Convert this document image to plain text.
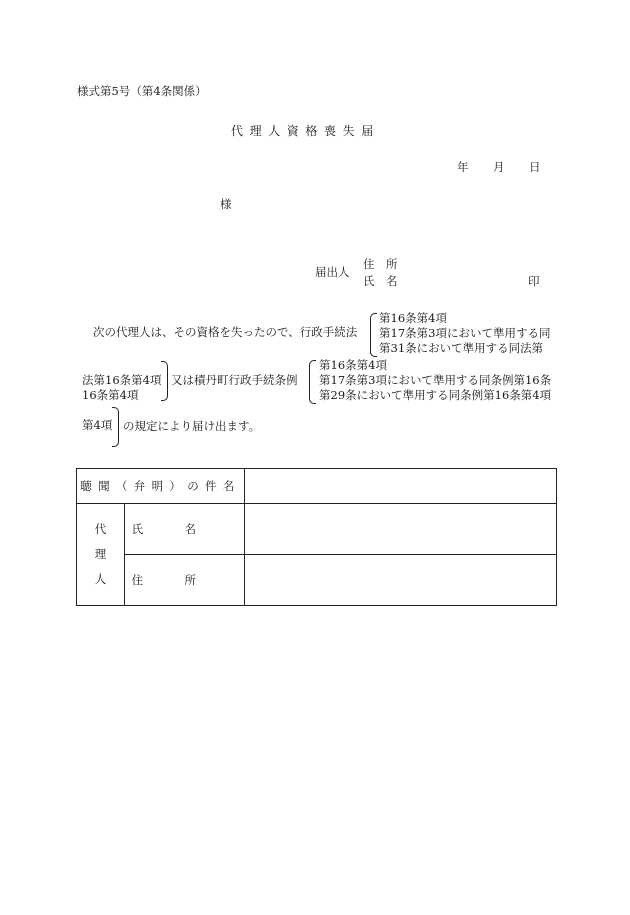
様式第5号（第4条関係）
代理人資格喪失届
年 月 日
様
届出人
住　所
氏　名	印
次の代理人は、その資格を失ったので、行政手続法
第16条第4項
第17条第3項において準用する同
第31条において準用する同法第
法第16条第4項
16条第4項
又は積丹町行政手続条例
第16条第4項
第17条第3項において準用する同条例第16条
第29条において準用する同条例第16条第4項
第4項 の規定により届け出ます。
聴聞（弁明）の件名		

代
理
人	氏名	
	住所	
